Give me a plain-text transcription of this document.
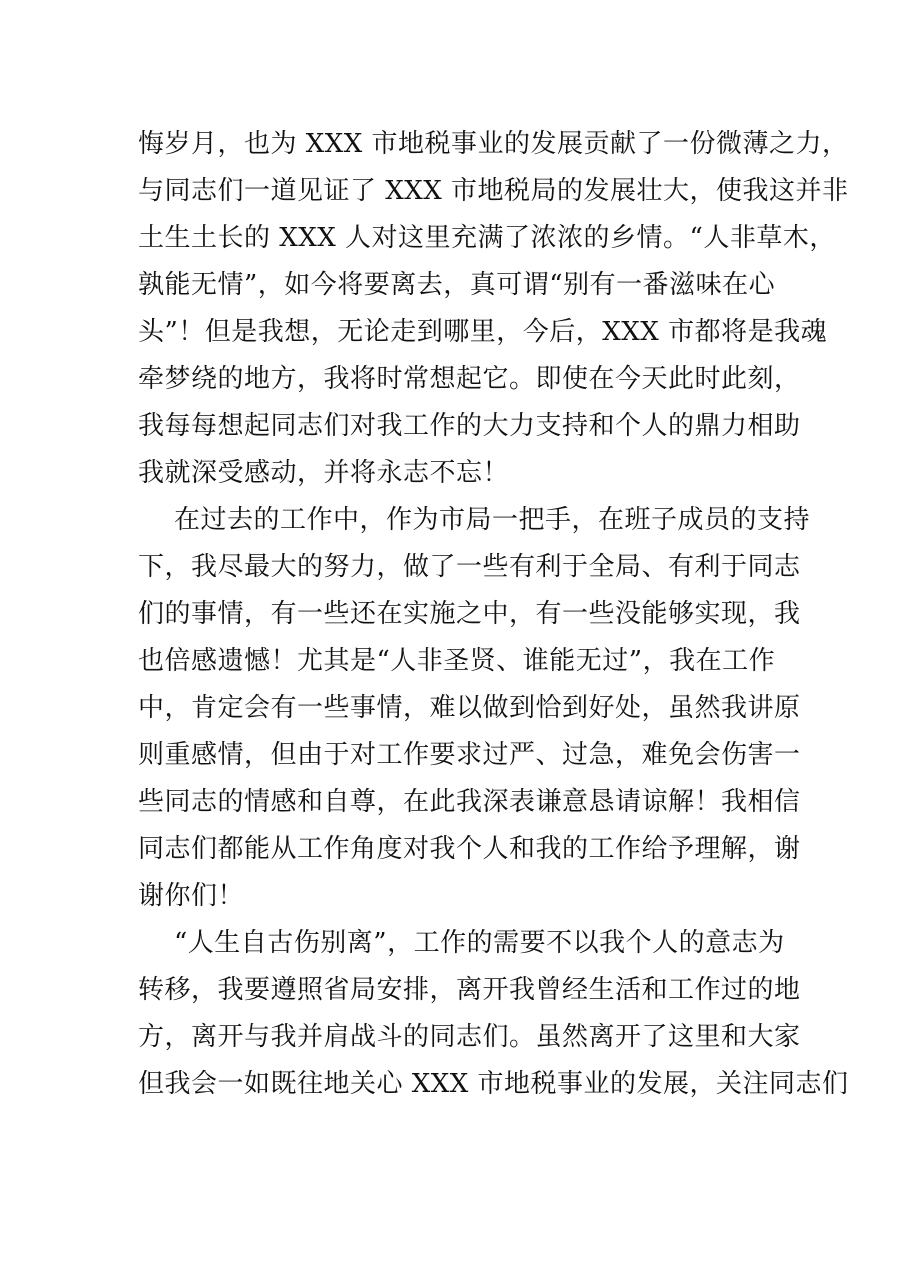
悔岁月，也为 XXX 市地税事业的发展贡献了一份微薄之力，
与同志们一道见证了 XXX 市地税局的发展壮大，使我这并非
土生土长的 XXX 人对这里充满了浓浓的乡情。“人非草木，
孰能无情”，如今将要离去，真可谓“别有一番滋味在心
头”！但是我想，无论走到哪里，今后，XXX 市都将是我魂
牵梦绕的地方，我将时常想起它。即使在今天此时此刻，
我每每想起同志们对我工作的大力支持和个人的鼎力相助
我就深受感动，并将永志不忘！

在过去的工作中，作为市局一把手，在班子成员的支持
下，我尽最大的努力，做了一些有利于全局、有利于同志
们的事情，有一些还在实施之中，有一些没能够实现，我
也倍感遗憾！尤其是“人非圣贤、谁能无过”，我在工作
中，肯定会有一些事情，难以做到恰到好处，虽然我讲原
则重感情，但由于对工作要求过严、过急，难免会伤害一
些同志的情感和自尊，在此我深表谦意恳请谅解！我相信
同志们都能从工作角度对我个人和我的工作给予理解，谢
谢你们！

“人生自古伤别离”，工作的需要不以我个人的意志为
转移，我要遵照省局安排，离开我曾经生活和工作过的地
方，离开与我并肩战斗的同志们。虽然离开了这里和大家
但我会一如既往地关心 XXX 市地税事业的发展，关注同志们
